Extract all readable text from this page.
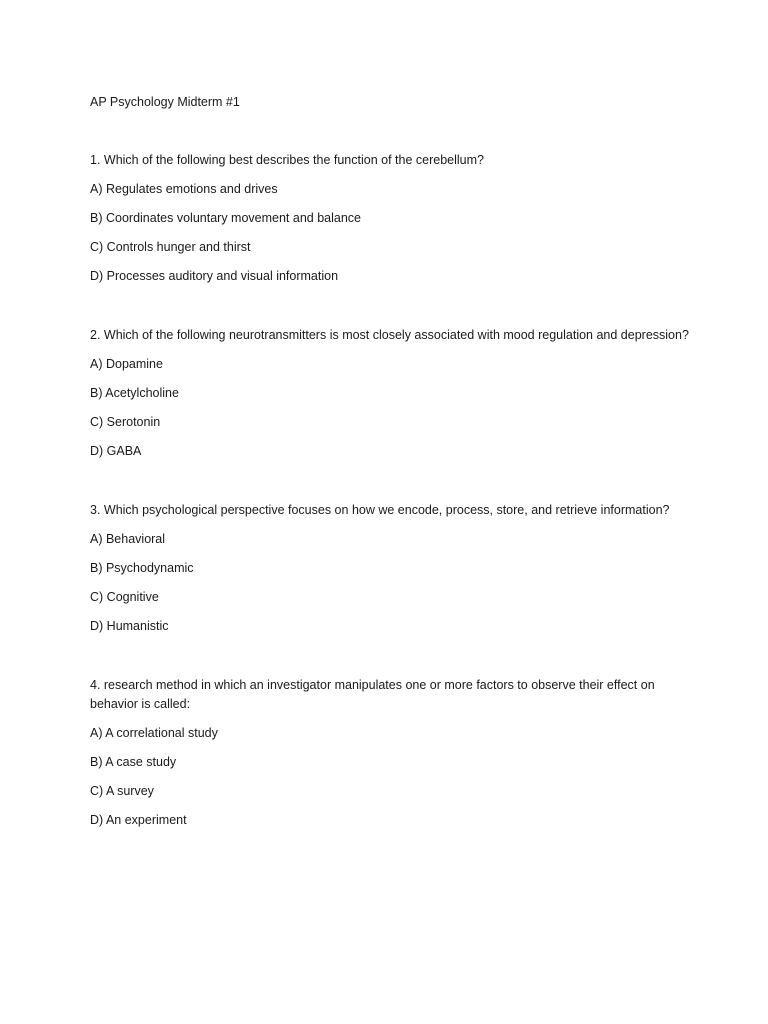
AP Psychology Midterm #1

1. Which of the following best describes the function of the cerebellum?

A) Regulates emotions and drives

B) Coordinates voluntary movement and balance

C) Controls hunger and thirst

D) Processes auditory and visual information

2. Which of the following neurotransmitters is most closely associated with mood regulation and depression?

A) Dopamine

B) Acetylcholine

C) Serotonin

D) GABA

3. Which psychological perspective focuses on how we encode, process, store, and retrieve information?

A) Behavioral

B) Psychodynamic

C) Cognitive

D) Humanistic

4. research method in which an investigator manipulates one or more factors to observe their effect on behavior is called:

A) A correlational study

B) A case study

C) A survey

D) An experiment
